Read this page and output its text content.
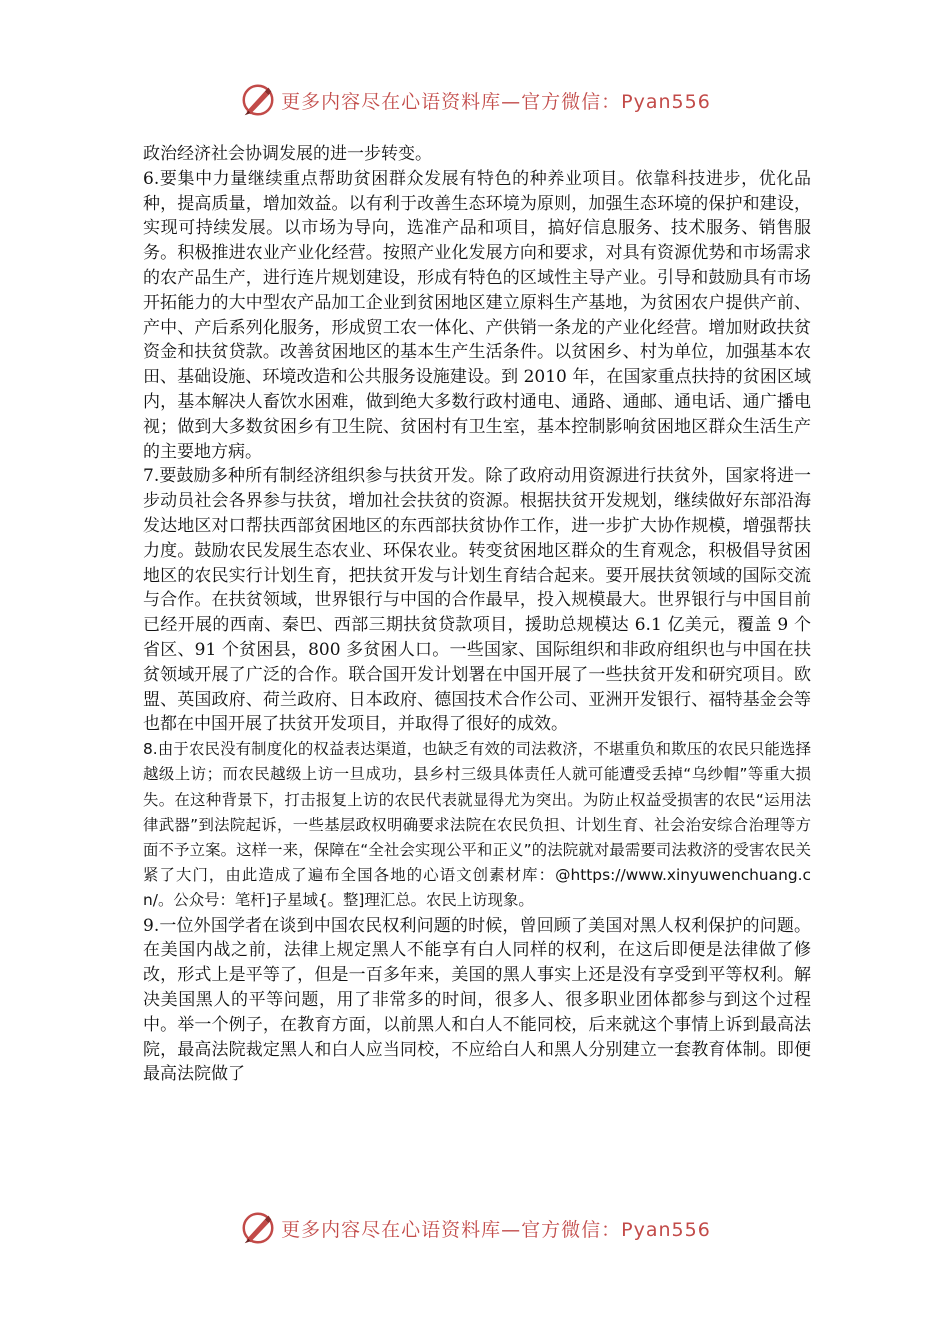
更多内容尽在心语资料库—官方微信：Pyan556

政治经济社会协调发展的进一步转变。

6.要集中力量继续重点帮助贫困群众发展有特色的种养业项目。依靠科技进步，优化品种，提高质量，增加效益。以有利于改善生态环境为原则，加强生态环境的保护和建设，实现可持续发展。以市场为导向，选准产品和项目，搞好信息服务、技术服务、销售服务。积极推进农业产业化经营。按照产业化发展方向和要求，对具有资源优势和市场需求的农产品生产，进行连片规划建设，形成有特色的区域性主导产业。引导和鼓励具有市场开拓能力的大中型农产品加工企业到贫困地区建立原料生产基地，为贫困农户提供产前、产中、产后系列化服务，形成贸工农一体化、产供销一条龙的产业化经营。增加财政扶贫资金和扶贫贷款。改善贫困地区的基本生产生活条件。以贫困乡、村为单位，加强基本农田、基础设施、环境改造和公共服务设施建设。到 2010 年，在国家重点扶持的贫困区域内，基本解决人畜饮水困难，做到绝大多数行政村通电、通路、通邮、通电话、通广播电视；做到大多数贫困乡有卫生院、贫困村有卫生室，基本控制影响贫困地区群众生活生产的主要地方病。

7.要鼓励多种所有制经济组织参与扶贫开发。除了政府动用资源进行扶贫外，国家将进一步动员社会各界参与扶贫，增加社会扶贫的资源。根据扶贫开发规划，继续做好东部沿海发达地区对口帮扶西部贫困地区的东西部扶贫协作工作，进一步扩大协作规模，增强帮扶力度。鼓励农民发展生态农业、环保农业。转变贫困地区群众的生育观念，积极倡导贫困地区的农民实行计划生育，把扶贫开发与计划生育结合起来。要开展扶贫领域的国际交流与合作。在扶贫领域，世界银行与中国的合作最早，投入规模最大。世界银行与中国目前已经开展的西南、秦巴、西部三期扶贫贷款项目，援助总规模达 6.1 亿美元，覆盖 9 个省区、91 个贫困县，800 多贫困人口。一些国家、国际组织和非政府组织也与中国在扶贫领域开展了广泛的合作。联合国开发计划署在中国开展了一些扶贫开发和研究项目。欧盟、英国政府、荷兰政府、日本政府、德国技术合作公司、亚洲开发银行、福特基金会等也都在中国开展了扶贫开发项目，并取得了很好的成效。

8.由于农民没有制度化的权益表达渠道，也缺乏有效的司法救济，不堪重负和欺压的农民只能选择越级上访；而农民越级上访一旦成功，县乡村三级具体责任人就可能遭受丢掉“乌纱帽”等重大损失。在这种背景下，打击报复上访的农民代表就显得尤为突出。为防止权益受损害的农民“运用法律武器”到法院起诉，一些基层政权明确要求法院在农民负担、计划生育、社会治安综合治理等方面不予立案。这样一来，保障在“全社会实现公平和正义”的法院就对最需要司法救济的受害农民关紧了大门，由此造成了遍布全国各地的心语文创素材库：@https://www.xinyuwenchuang.cn/。公众号：笔杆]子星域{。整]理汇总。农民上访现象。

9.一位外国学者在谈到中国农民权利问题的时候，曾回顾了美国对黑人权利保护的问题。在美国内战之前，法律上规定黑人不能享有白人同样的权利，在这后即便是法律做了修改，形式上是平等了，但是一百多年来，美国的黑人事实上还是没有享受到平等权利。解决美国黑人的平等问题，用了非常多的时间，很多人、很多职业团体都参与到这个过程中。举一个例子，在教育方面，以前黑人和白人不能同校，后来就这个事情上诉到最高法院，最高法院裁定黑人和白人应当同校，不应给白人和黑人分别建立一套教育体制。即便最高法院做了

更多内容尽在心语资料库—官方微信：Pyan556
